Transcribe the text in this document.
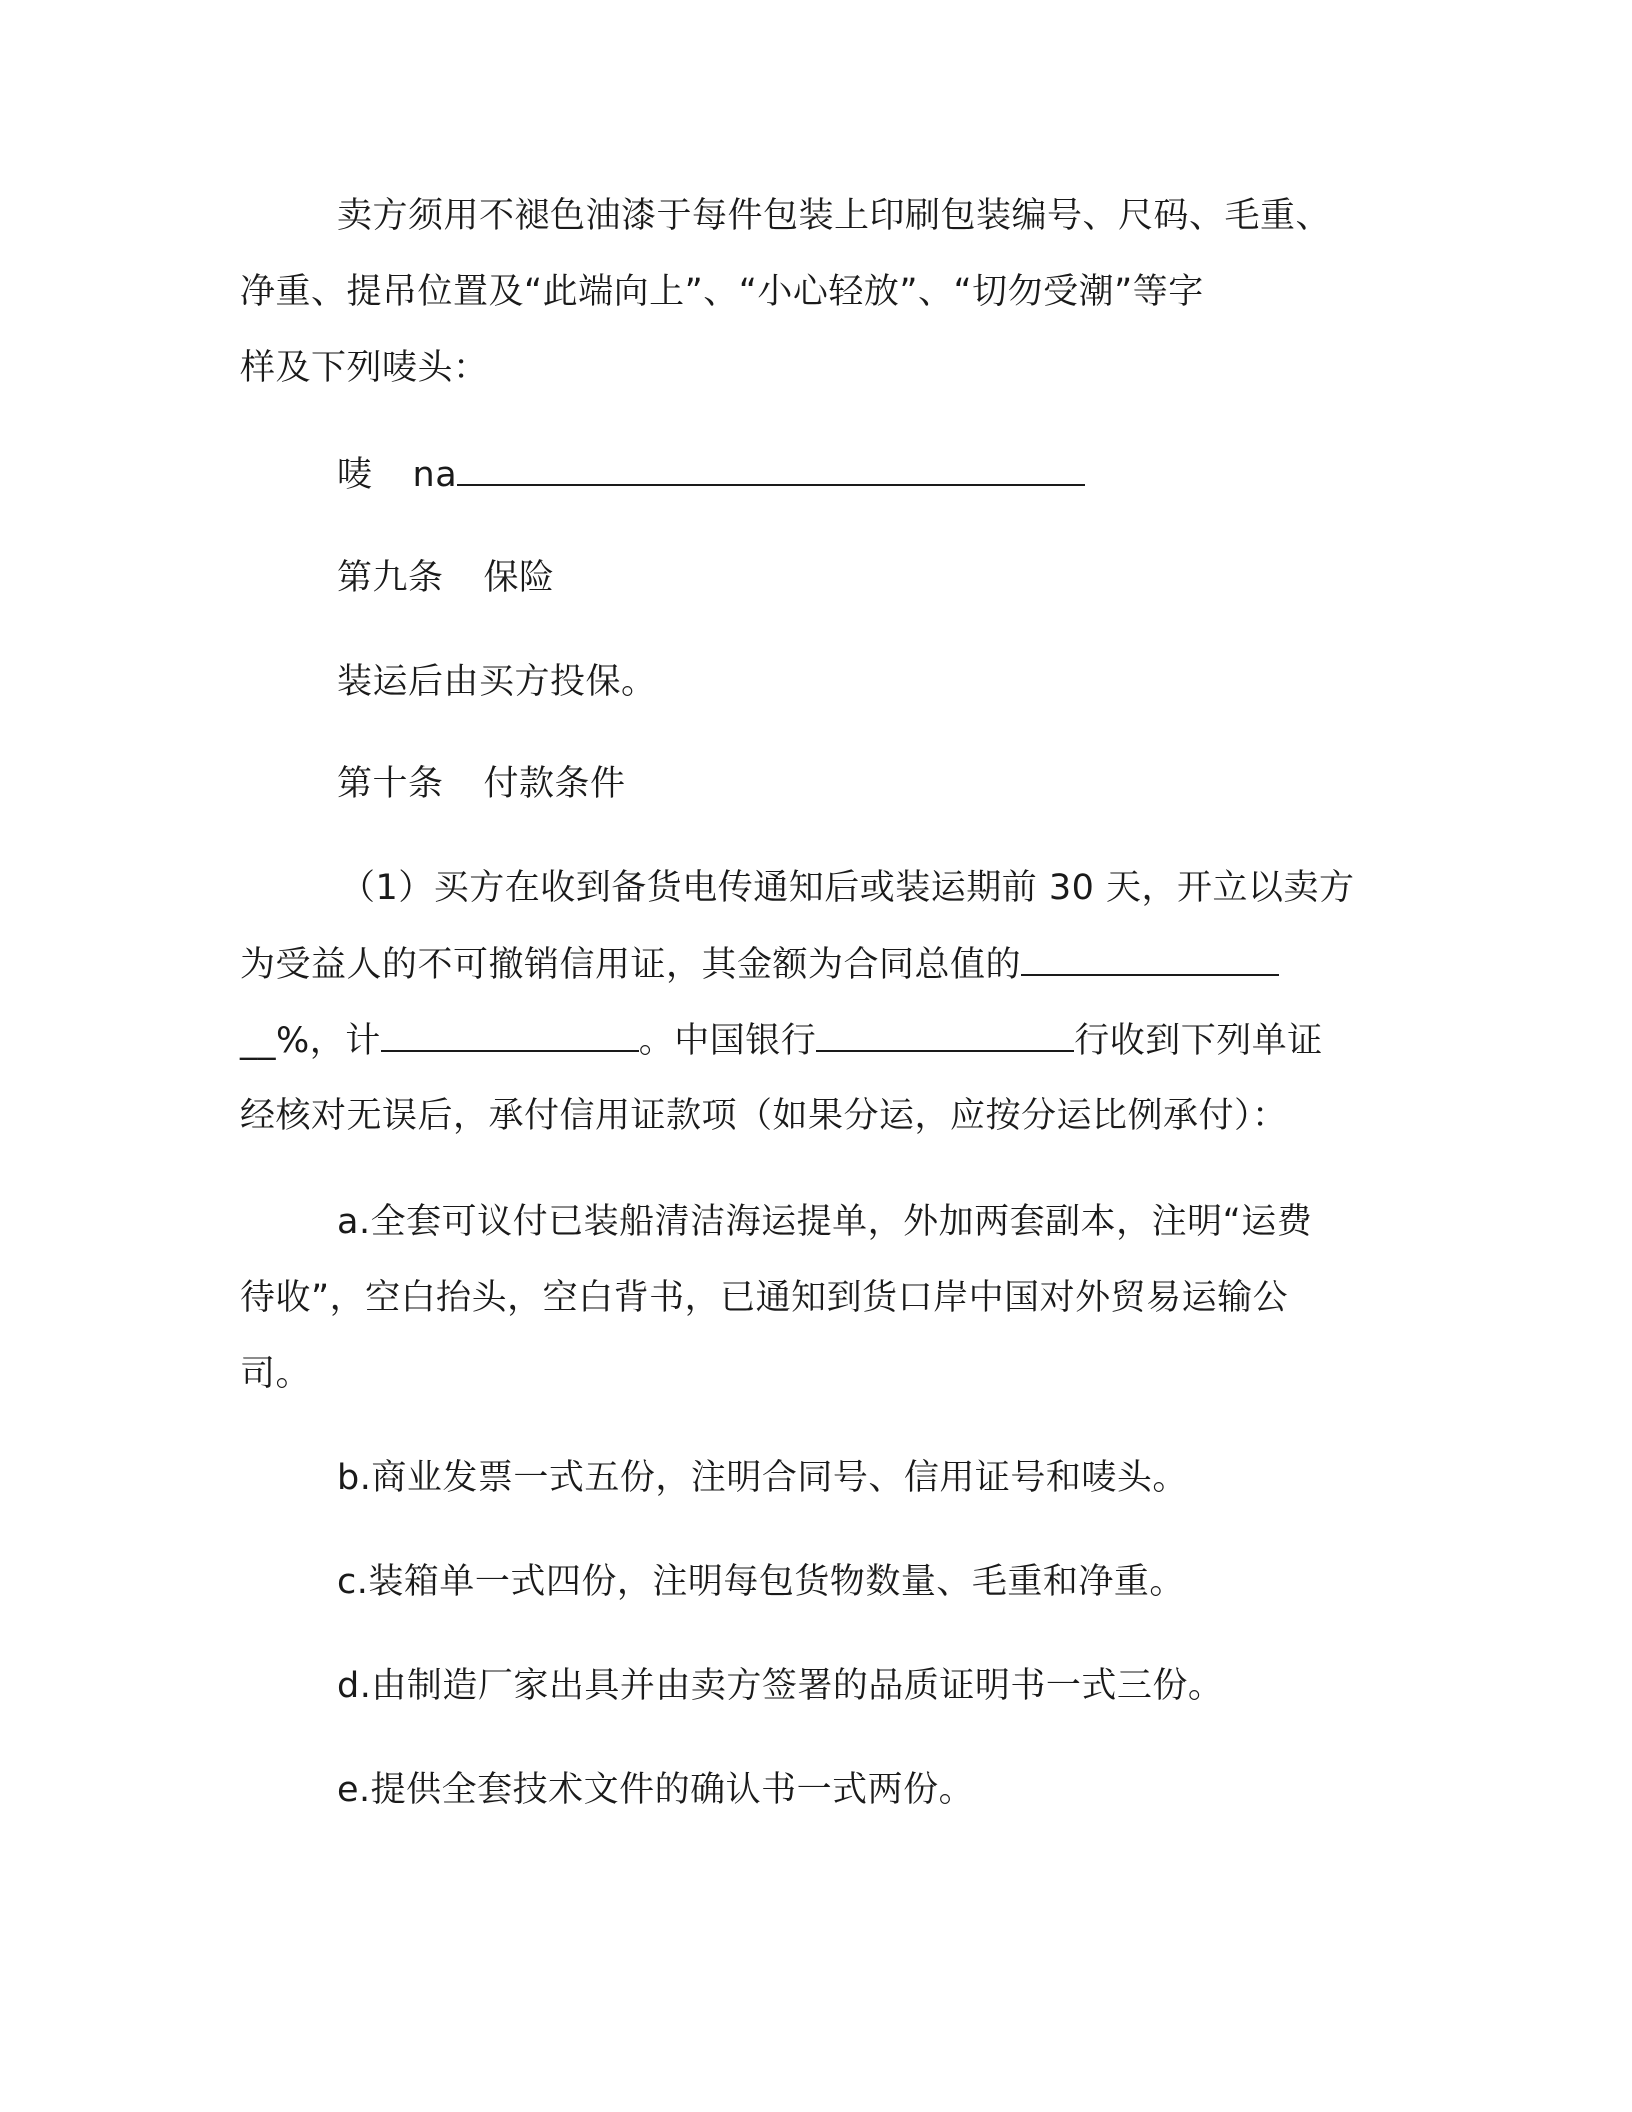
卖方须用不褪色油漆于每件包装上印刷包装编号、尺码、毛重、

净重、提吊位置及“此端向上”、“小心轻放”、“切勿受潮”等字

样及下列唛头：

唛 na

第九条 保险

装运后由买方投保。

第十条 付款条件

（1）买方在收到备货电传通知后或装运期前 30 天，开立以卖方

为受益人的不可撤销信用证，其金额为合同总值的

__%，计	。中国银行	行收到下列单证

经核对无误后，承付信用证款项（如果分运，应按分运比例承付）：

a.全套可议付已装船清洁海运提单，外加两套副本，注明“运费

待收”，空白抬头，空白背书，已通知到货口岸中国对外贸易运输公

司。

b.商业发票一式五份，注明合同号、信用证号和唛头。

c.装箱单一式四份，注明每包货物数量、毛重和净重。

d.由制造厂家出具并由卖方签署的品质证明书一式三份。

e.提供全套技术文件的确认书一式两份。
